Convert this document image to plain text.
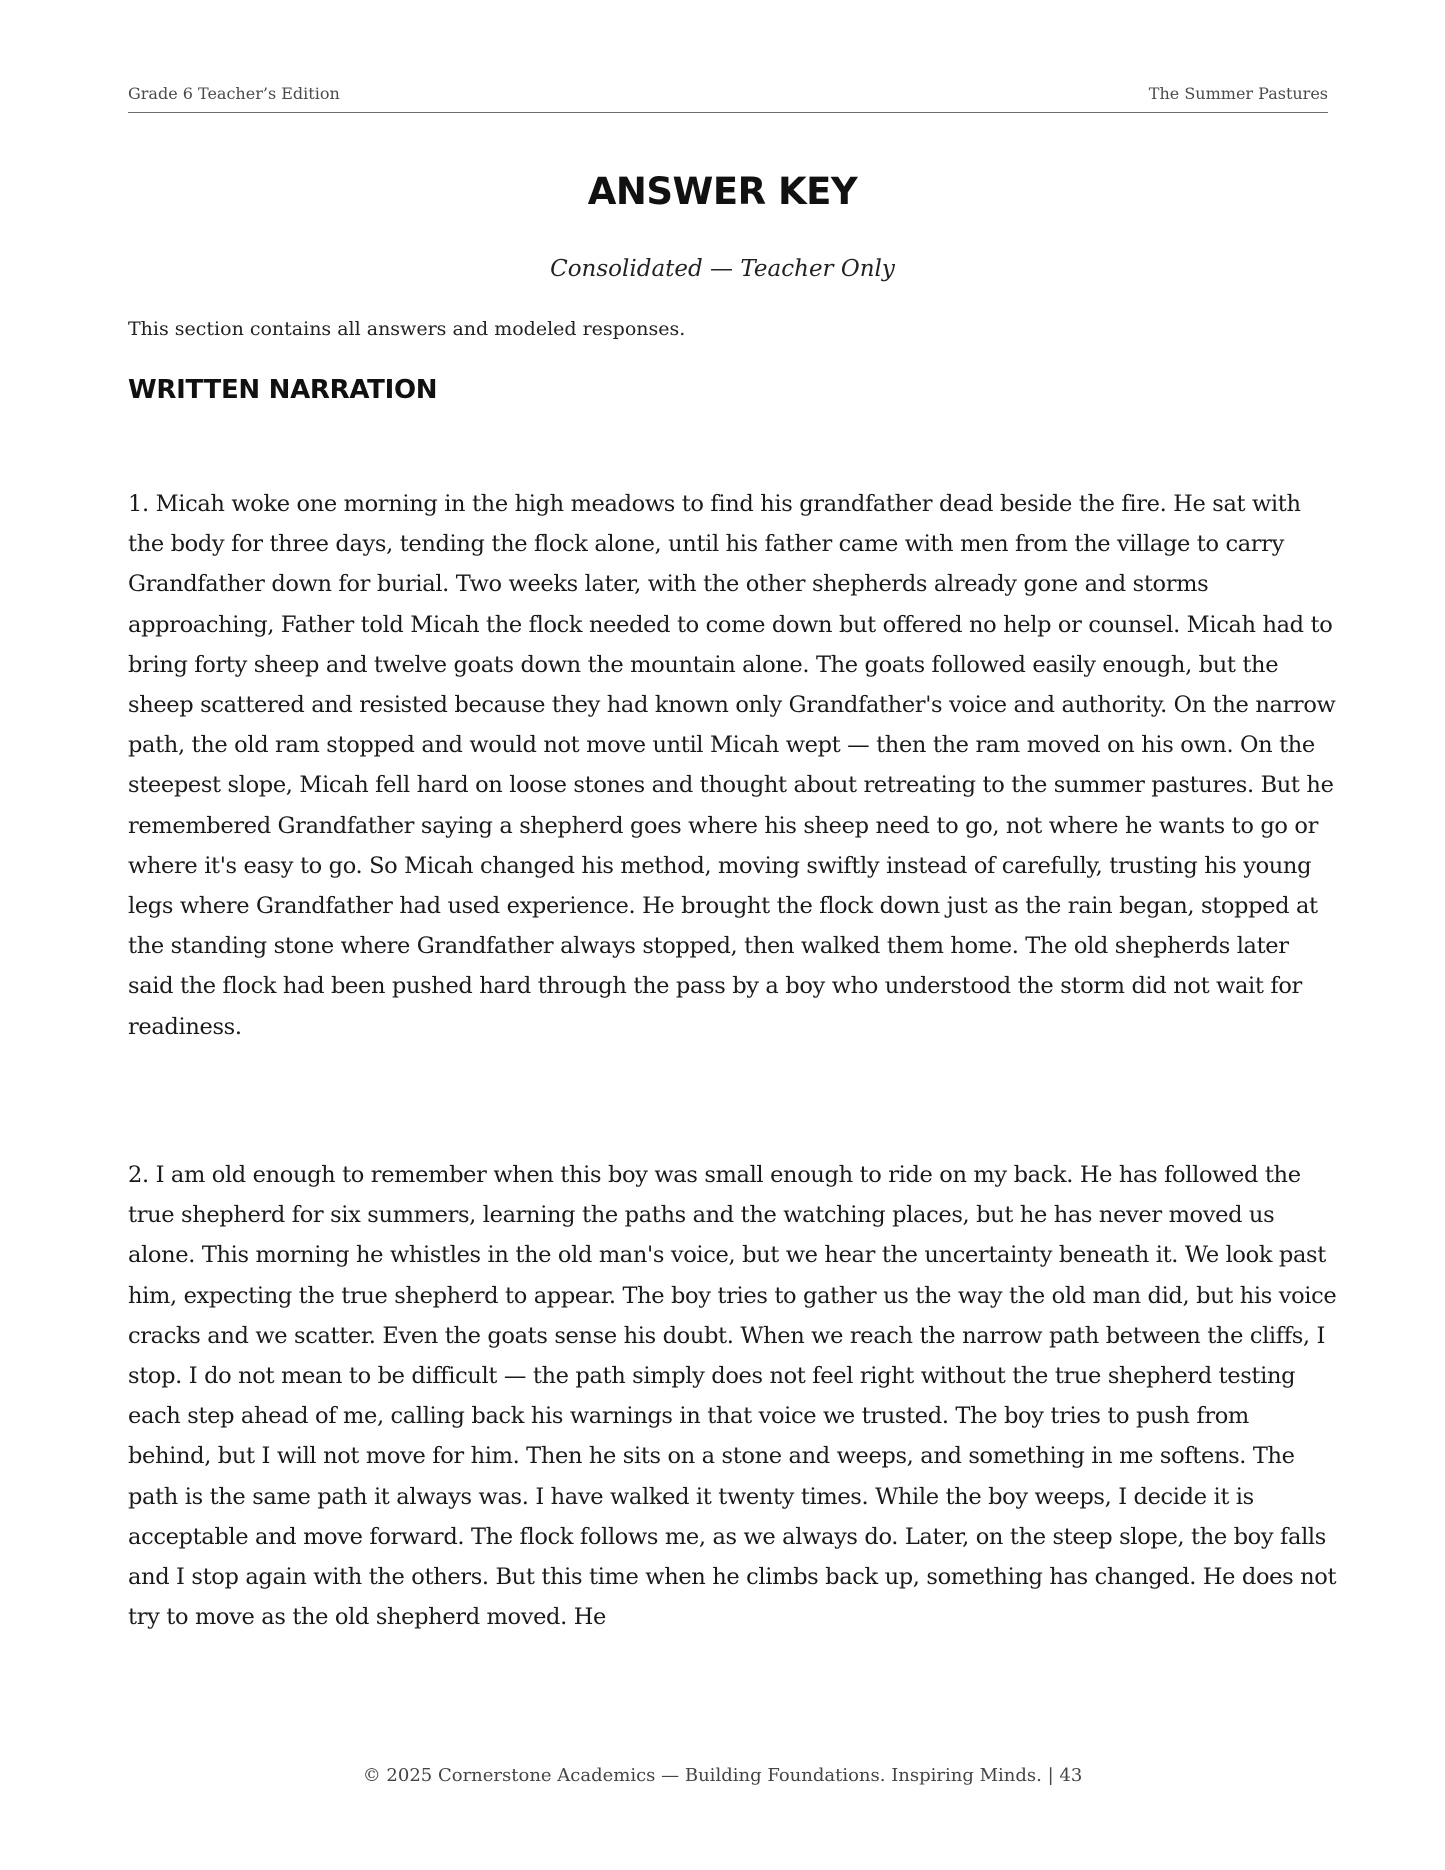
Grade 6 Teacher’s Edition	The Summer Pastures
ANSWER KEY
Consolidated — Teacher Only
This section contains all answers and modeled responses.
WRITTEN NARRATION

1. Micah woke one morning in the high meadows to find his grandfather dead beside the fire. He sat with the body for three days, tending the flock alone, until his father came with men from the village to carry Grandfather down for burial. Two weeks later, with the other shepherds already gone and storms approaching, Father told Micah the flock needed to come down but offered no help or counsel. Micah had to bring forty sheep and twelve goats down the mountain alone. The goats followed easily enough, but the sheep scattered and resisted because they had known only Grandfather's voice and authority. On the narrow path, the old ram stopped and would not move until Micah wept — then the ram moved on his own. On the steepest slope, Micah fell hard on loose stones and thought about retreating to the summer pastures. But he remembered Grandfather saying a shepherd goes where his sheep need to go, not where he wants to go or where it's easy to go. So Micah changed his method, moving swiftly instead of carefully, trusting his young legs where Grandfather had used experience. He brought the flock down just as the rain began, stopped at the standing stone where Grandfather always stopped, then walked them home. The old shepherds later said the flock had been pushed hard through the pass by a boy who understood the storm did not wait for readiness.

2. I am old enough to remember when this boy was small enough to ride on my back. He has followed the true shepherd for six summers, learning the paths and the watching places, but he has never moved us alone. This morning he whistles in the old man's voice, but we hear the uncertainty beneath it. We look past him, expecting the true shepherd to appear. The boy tries to gather us the way the old man did, but his voice cracks and we scatter. Even the goats sense his doubt. When we reach the narrow path between the cliffs, I stop. I do not mean to be difficult — the path simply does not feel right without the true shepherd testing each step ahead of me, calling back his warnings in that voice we trusted. The boy tries to push from behind, but I will not move for him. Then he sits on a stone and weeps, and something in me softens. The path is the same path it always was. I have walked it twenty times. While the boy weeps, I decide it is acceptable and move forward. The flock follows me, as we always do. Later, on the steep slope, the boy falls and I stop again with the others. But this time when he climbs back up, something has changed. He does not try to move as the old shepherd moved. He

© 2025 Cornerstone Academics — Building Foundations. Inspiring Minds. | 43
